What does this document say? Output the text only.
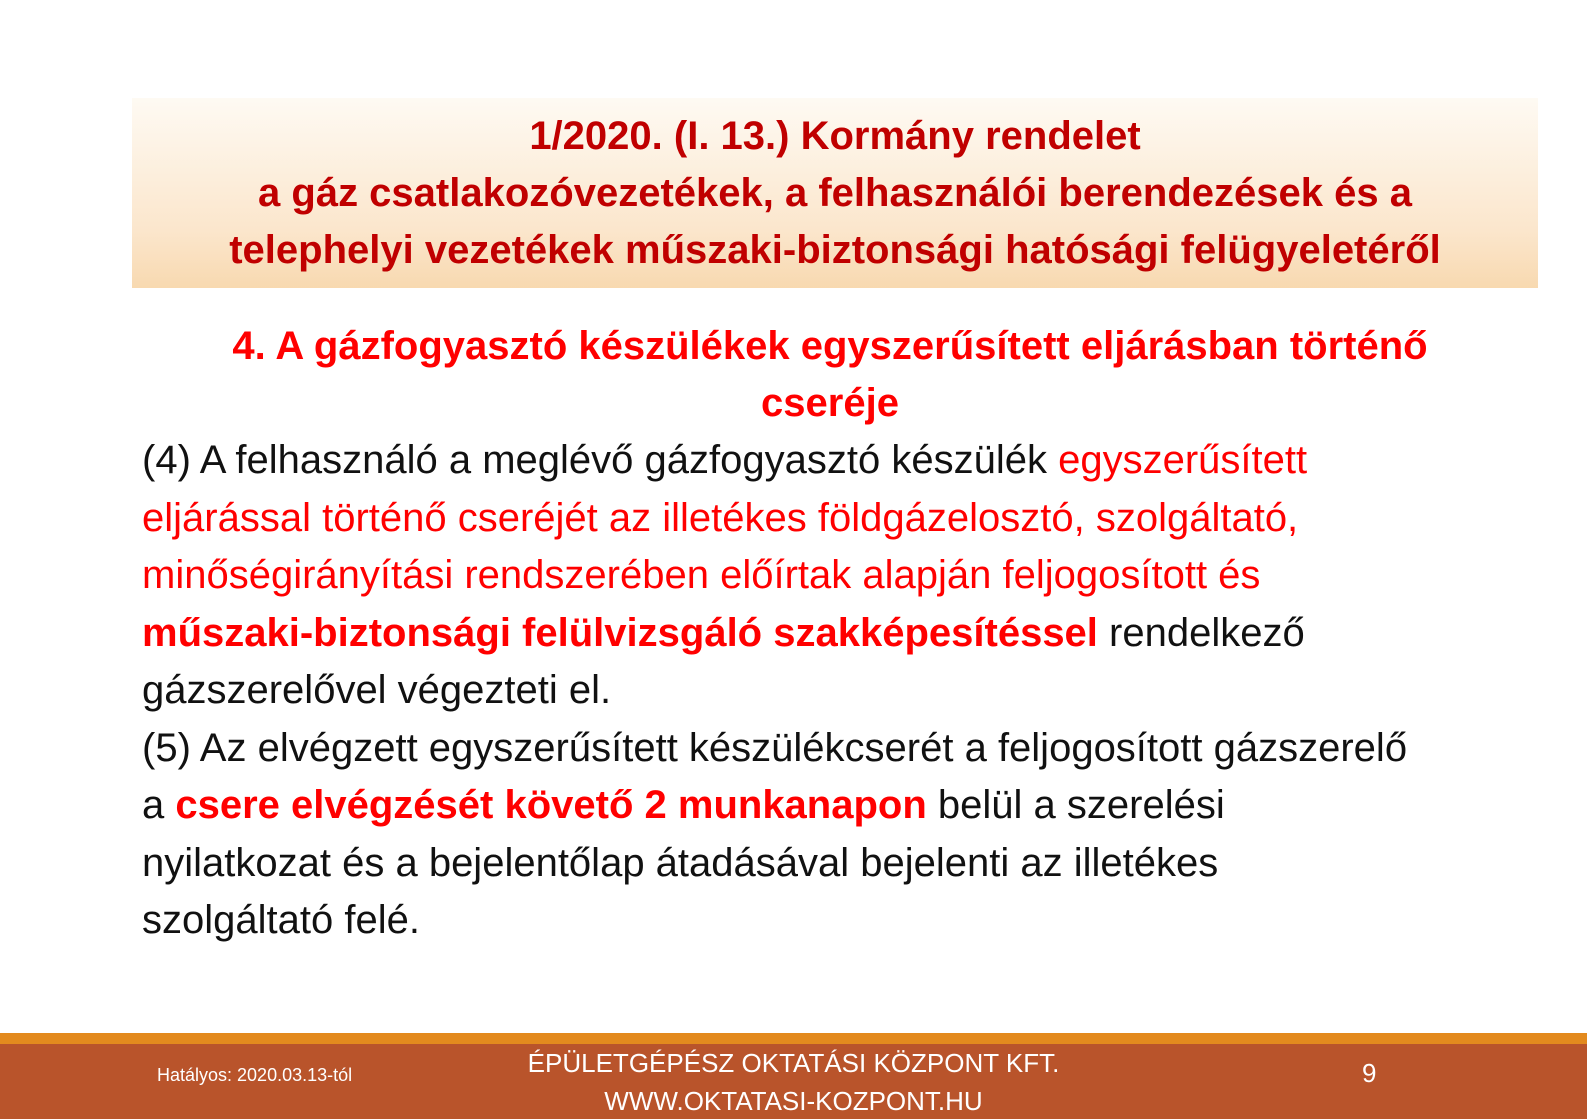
1/2020. (I. 13.) Kormány rendelet
a gáz csatlakozóvezetékek, a felhasználói berendezések és a
telephelyi vezetékek műszaki-biztonsági hatósági felügyeletéről
4. A gázfogyasztó készülékek egyszerűsített eljárásban történő
cseréje
(4) A felhasználó a meglévő gázfogyasztó készülék egyszerűsített
eljárással történő cseréjét az illetékes földgázelosztó, szolgáltató,
minőségirányítási rendszerében előírtak alapján feljogosított és
műszaki-biztonsági felülvizsgáló szakképesítéssel rendelkező
gázszerelővel végezteti el.
(5) Az elvégzett egyszerűsített készülékcserét a feljogosított gázszerelő
a csere elvégzését követő 2 munkanapon belül a szerelési
nyilatkozat és a bejelentőlap átadásával bejelenti az illetékes
szolgáltató felé.
Hatályos: 2020.03.13-tól	ÉPÜLETGÉPÉSZ OKTATÁSI KÖZPONT KFT.
WWW.OKTATASI-KOZPONT.HU
9
